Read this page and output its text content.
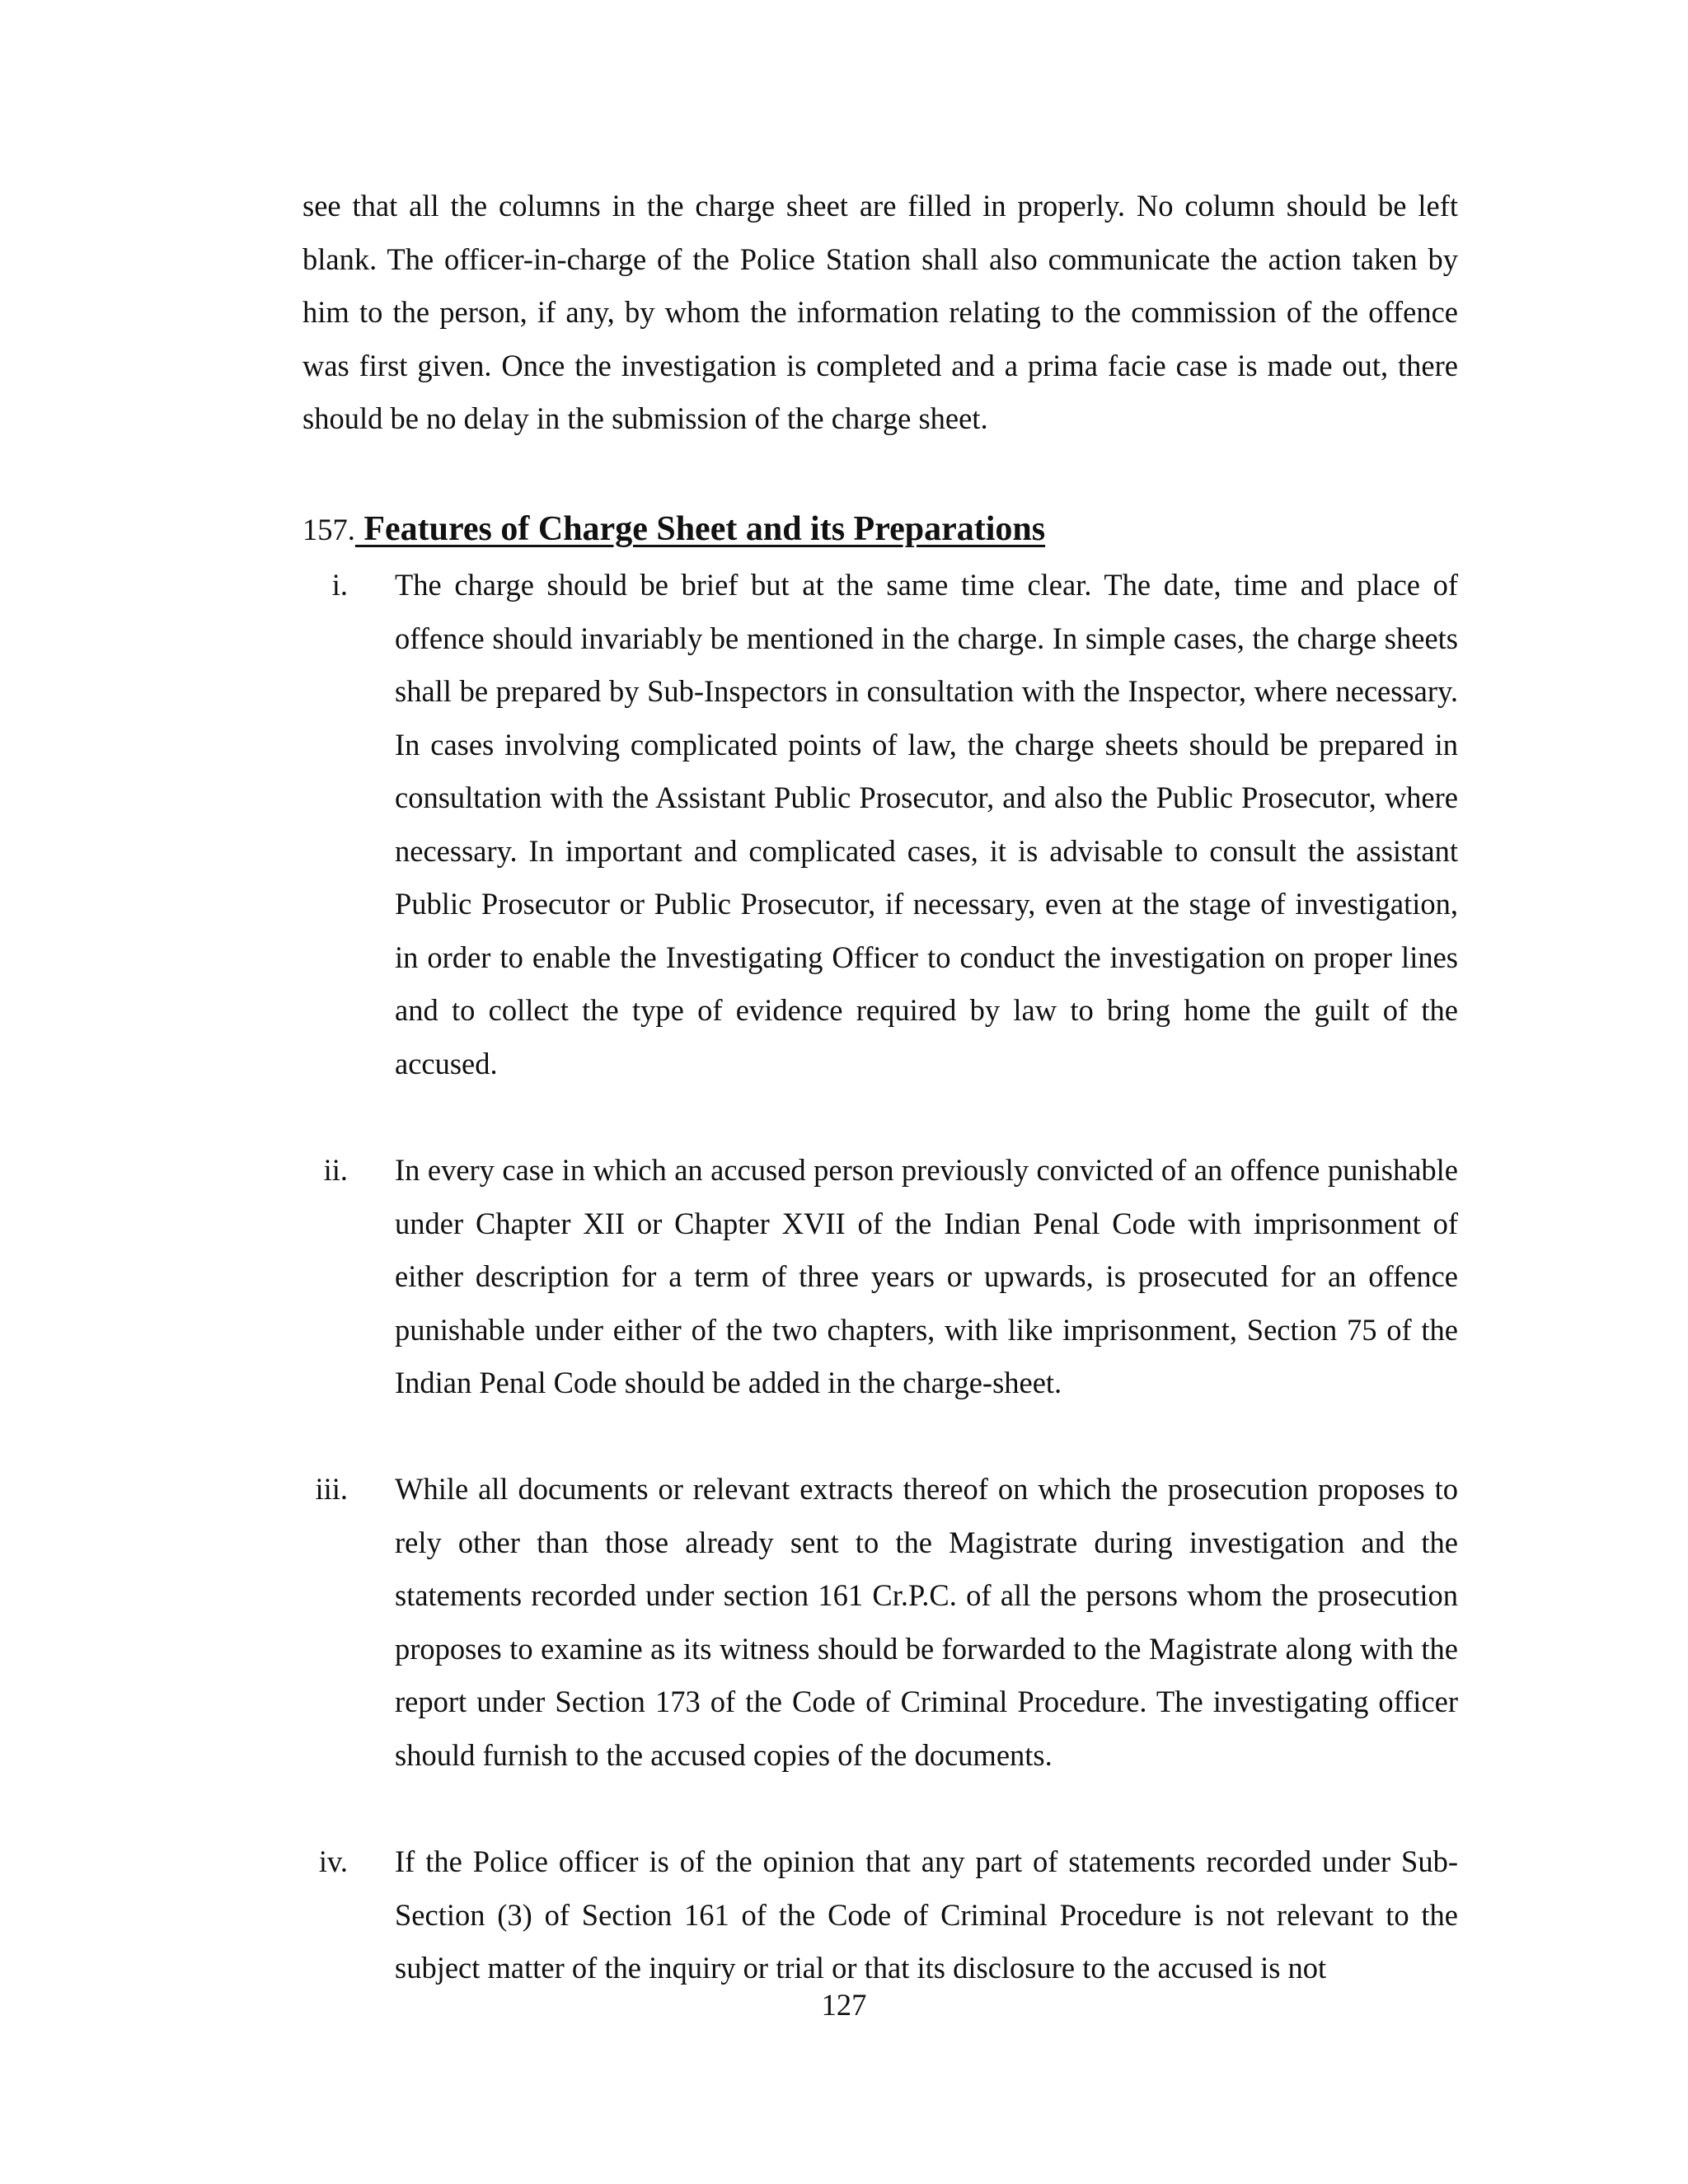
see that all the columns in the charge sheet are filled in properly. No column should be left blank. The officer-in-charge of the Police Station shall also communicate the action taken by him to the person, if any, by whom the information relating to the commission of the offence was first given. Once the investigation is completed and a prima facie case is made out, there should be no delay in the submission of the charge sheet.

157. Features of Charge Sheet and its Preparations
i. The charge should be brief but at the same time clear. The date, time and place of offence should invariably be mentioned in the charge. In simple cases, the charge sheets shall be prepared by Sub-Inspectors in consultation with the Inspector, where necessary. In cases involving complicated points of law, the charge sheets should be prepared in consultation with the Assistant Public Prosecutor, and also the Public Prosecutor, where necessary. In important and complicated cases, it is advisable to consult the assistant Public Prosecutor or Public Prosecutor, if necessary, even at the stage of investigation, in order to enable the Investigating Officer to conduct the investigation on proper lines and to collect the type of evidence required by law to bring home the guilt of the accused.

ii. In every case in which an accused person previously convicted of an offence punishable under Chapter XII or Chapter XVII of the Indian Penal Code with imprisonment of either description for a term of three years or upwards, is prosecuted for an offence punishable under either of the two chapters, with like imprisonment, Section 75 of the Indian Penal Code should be added in the charge-sheet.

iii. While all documents or relevant extracts thereof on which the prosecution proposes to rely other than those already sent to the Magistrate during investigation and the statements recorded under section 161 Cr.P.C. of all the persons whom the prosecution proposes to examine as its witness should be forwarded to the Magistrate along with the report under Section 173 of the Code of Criminal Procedure. The investigating officer should furnish to the accused copies of the documents.

iv. If the Police officer is of the opinion that any part of statements recorded under Sub-Section (3) of Section 161 of the Code of Criminal Procedure is not relevant to the subject matter of the inquiry or trial or that its disclosure to the accused is not

127
